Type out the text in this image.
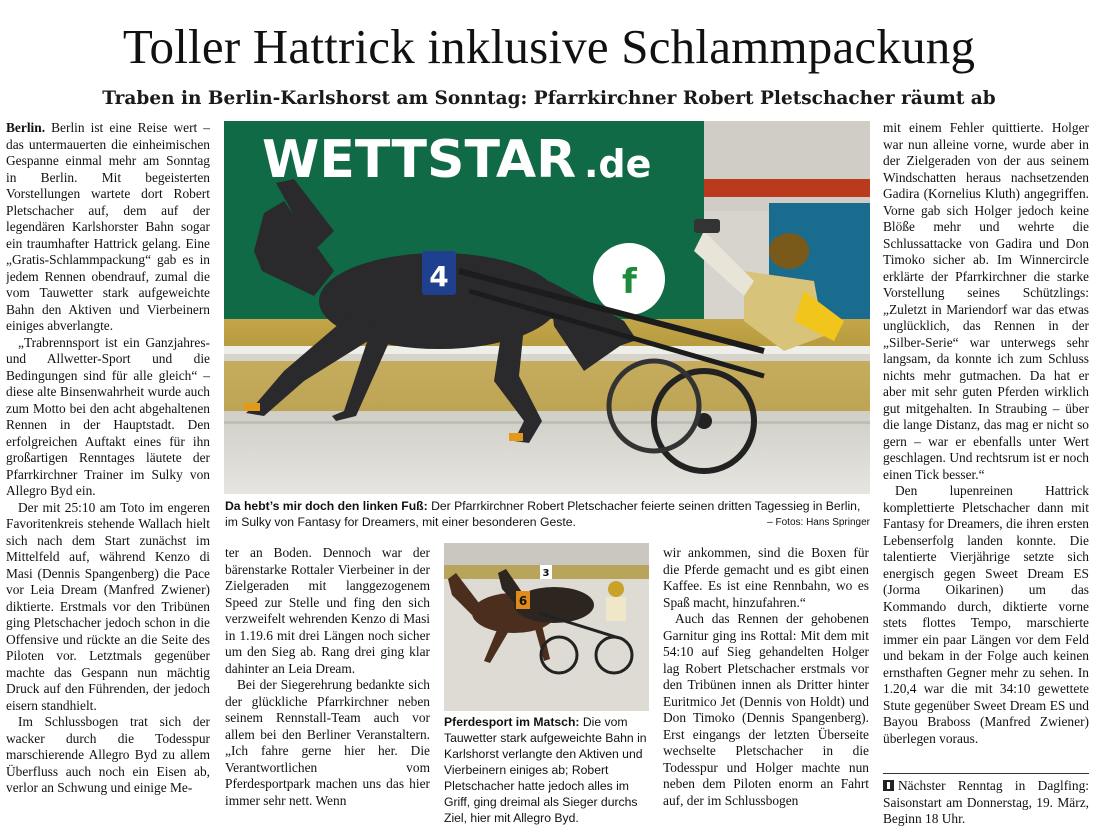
Toller Hattrick inklusive Schlammpackung
Traben in Berlin-Karlshorst am Sonntag: Pfarrkirchner Robert Pletschacher räumt ab

Berlin. Berlin ist eine Reise wert – das untermauerten die einheimischen Gespanne einmal mehr am Sonntag in Berlin. Mit begeisterten Vorstellungen wartete dort Robert Pletschacher auf, dem auf der legendären Karlshorster Bahn sogar ein traumhafter Hattrick gelang. Eine „Gratis-Schlammpackung“ gab es in jedem Rennen obendrauf, zumal die vom Tauwetter stark aufgeweichte Bahn den Aktiven und Vierbeinern einiges abverlangte.

„Trabrennsport ist ein Ganzjahres- und Allwetter-Sport und die Bedingungen sind für alle gleich“ – diese alte Binsenwahrheit wurde auch zum Motto bei den acht abgehaltenen Rennen in der Hauptstadt. Den erfolgreichen Auftakt eines für ihn großartigen Renntages läutete der Pfarrkirchner Trainer im Sulky von Allegro Byd ein.

Der mit 25:10 am Toto im engeren Favoritenkreis stehende Wallach hielt sich nach dem Start zunächst im Mittelfeld auf, während Kenzo di Masi (Dennis Spangenberg) die Pace vor Leia Dream (Manfred Zwiener) diktierte. Erstmals vor den Tribünen ging Pletschacher jedoch schon in die Offensive und rückte an die Seite des Piloten vor. Letztmals gegenüber machte das Gespann nun mächtig Druck auf den Führenden, der jedoch eisern standhielt.

Im Schlussbogen trat sich der wacker durch die Todesspur marschierende Allegro Byd zu allem Überfluss auch noch ein Eisen ab, verlor an Schwung und einige Me-

WETTSTAR .de
f
4
Da hebt’s mir doch den linken Fuß: Der Pfarrkirchner Robert Pletschacher feierte seinen dritten Tagessieg in Berlin, im Sulky von Fantasy for Dreamers, mit einer besonderen Geste.	– Fotos: Hans Springer

ter an Boden. Dennoch war der bärenstarke Rottaler Vierbeiner in der Zielgeraden mit langgezogenem Speed zur Stelle und fing den sich verzweifelt wehrenden Kenzo di Masi in 1.19.6 mit drei Längen noch sicher um den Sieg ab. Rang drei ging klar dahinter an Leia Dream.

Bei der Siegerehrung bedankte sich der glückliche Pfarrkirchner neben seinem Rennstall-Team auch vor allem bei den Berliner Veranstaltern. „Ich fahre gerne hier her. Die Verantwortlichen vom Pferdesportpark machen uns das hier immer sehr nett. Wenn

6
3
Pferdesport im Matsch: Die vom Tauwetter stark aufgeweichte Bahn in Karlshorst verlangte den Aktiven und Vierbeinern einiges ab; Robert Pletschacher hatte jedoch alles im Griff, ging dreimal als Sieger durchs Ziel, hier mit Allegro Byd.

wir ankommen, sind die Boxen für die Pferde gemacht und es gibt einen Kaffee. Es ist eine Rennbahn, wo es Spaß macht, hinzufahren.“

Auch das Rennen der gehobenen Garnitur ging ins Rottal: Mit dem mit 54:10 auf Sieg gehandelten Holger lag Robert Pletschacher erstmals vor den Tribünen innen als Dritter hinter Euritmico Jet (Dennis von Holdt) und Don Timoko (Dennis Spangenberg). Erst eingangs der letzten Überseite wechselte Pletschacher in die Todesspur und Holger machte nun neben dem Piloten enorm an Fahrt auf, der im Schlussbogen

mit einem Fehler quittierte. Holger war nun alleine vorne, wurde aber in der Zielgeraden von der aus seinem Windschatten heraus nachsetzenden Gadira (Kornelius Kluth) angegriffen. Vorne gab sich Holger jedoch keine Blöße mehr und wehrte die Schlussattacke von Gadira und Don Timoko sicher ab. Im Winnercircle erklärte der Pfarrkirchner die starke Vorstellung seines Schützlings: „Zuletzt in Mariendorf war das etwas unglücklich, das Rennen in der „Silber-Serie“ war unterwegs sehr langsam, da konnte ich zum Schluss nichts mehr gutmachen. Da hat er aber mit sehr guten Pferden wirklich gut mitgehalten. In Straubing – über die lange Distanz, das mag er nicht so gern – war er ebenfalls unter Wert geschlagen. Und rechtsrum ist er noch einen Tick besser.“

Den lupenreinen Hattrick komplettierte Pletschacher dann mit Fantasy for Dreamers, die ihren ersten Lebenserfolg landen konnte. Die talentierte Vierjährige setzte sich energisch gegen Sweet Dream ES (Jorma Oikarinen) um das Kommando durch, diktierte vorne stets flottes Tempo, marschierte immer ein paar Längen vor dem Feld und bekam in der Folge auch keinen ernsthaften Gegner mehr zu sehen. In 1.20,4 war die mit 34:10 gewettete Stute gegenüber Sweet Dream ES und Bayou Braboss (Manfred Zwiener) überlegen voraus.

Nächster Renntag in Daglfing: Saisonstart am Donnerstag, 19. März, Beginn 18 Uhr.
